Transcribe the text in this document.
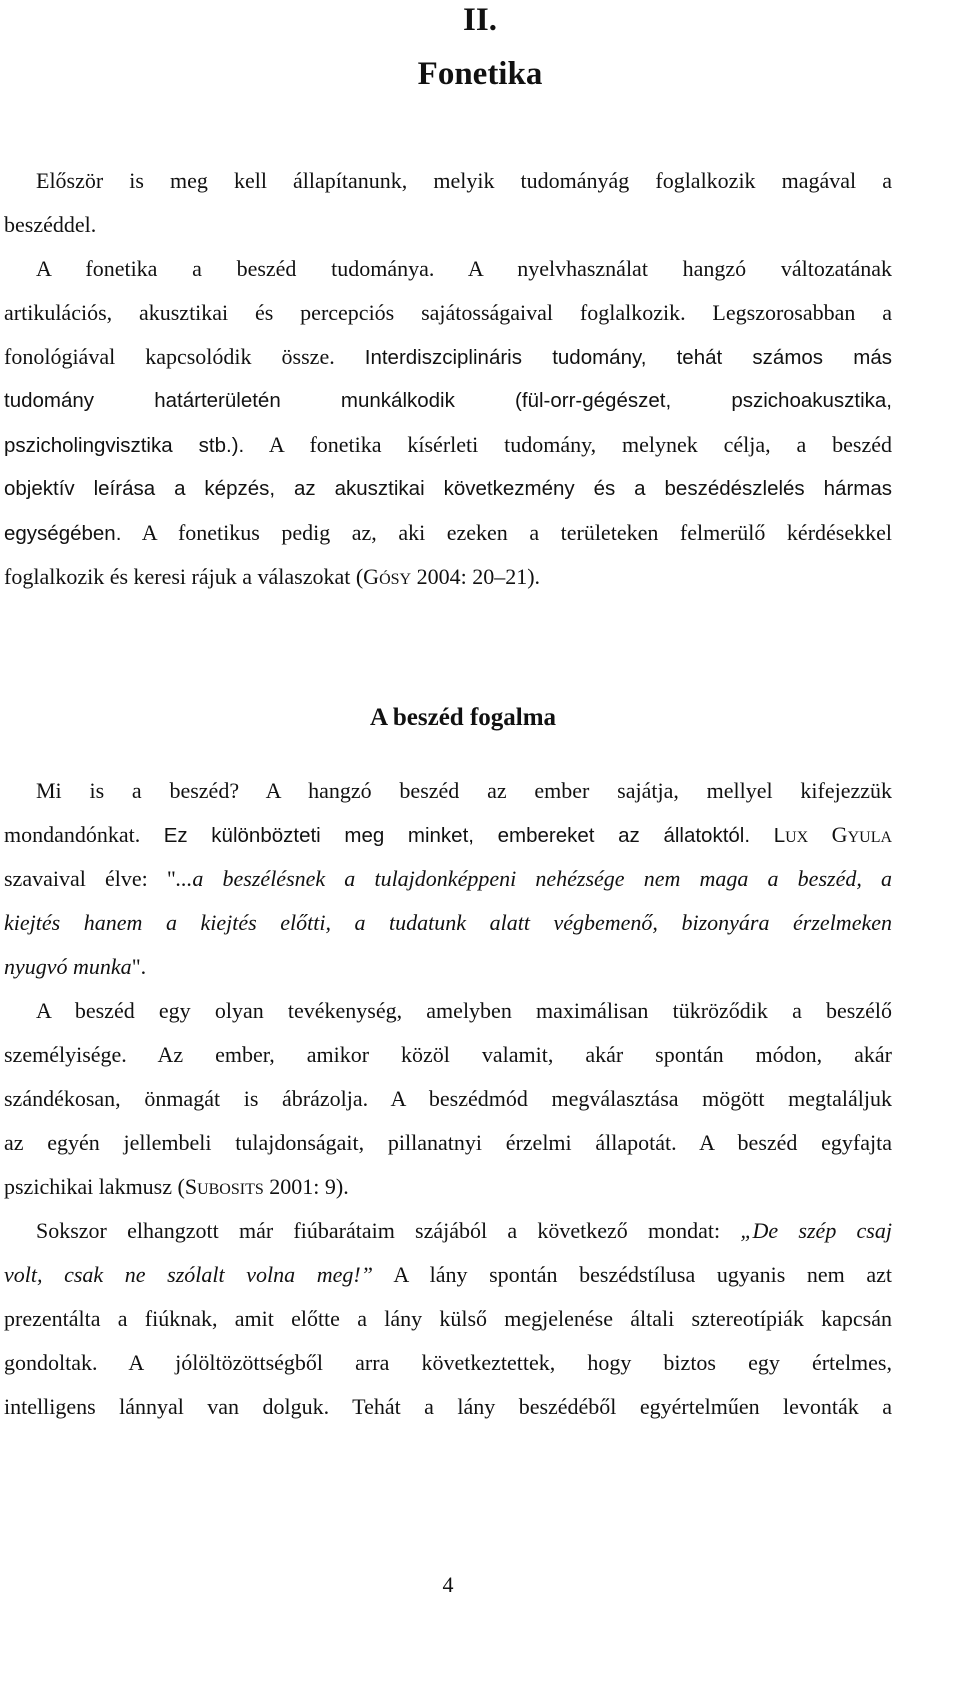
II.
Fonetika
Először is meg kell állapítanunk, melyik tudományág foglalkozik magával a
beszéddel.
A fonetika a beszéd tudománya. A nyelvhasználat hangzó változatának
artikulációs, akusztikai és percepciós sajátosságaival foglalkozik. Legszorosabban a
fonológiával kapcsolódik össze. Interdiszciplináris tudomány, tehát számos más
tudomány határterületén munkálkodik (fül-orr-gégészet, pszichoakusztika,
pszicholingvisztika stb.). A fonetika kísérleti tudomány, melynek célja, a beszéd
objektív leírása a képzés, az akusztikai következmény és a beszédészlelés hármas
egységében. A fonetikus pedig az, aki ezeken a területeken felmerülő kérdésekkel
foglalkozik és keresi rájuk a válaszokat (GÓSY 2004: 20–21).
A beszéd fogalma
Mi is a beszéd? A hangzó beszéd az ember sajátja, mellyel kifejezzük
mondandónkat. Ez különbözteti meg minket, embereket az állatoktól. LUX GYULA
szavaival élve: "...a beszélésnek a tulajdonképpeni nehézsége nem maga a beszéd, a
kiejtés hanem a kiejtés előtti, a tudatunk alatt végbemenő, bizonyára érzelmeken
nyugvó munka".
A beszéd egy olyan tevékenység, amelyben maximálisan tükröződik a beszélő
személyisége. Az ember, amikor közöl valamit, akár spontán módon, akár
szándékosan, önmagát is ábrázolja. A beszédmód megválasztása mögött megtaláljuk
az egyén jellembeli tulajdonságait, pillanatnyi érzelmi állapotát. A beszéd egyfajta
pszichikai lakmusz (SUBOSITS 2001: 9).
Sokszor elhangzott már fiúbarátaim szájából a következő mondat: „De szép csaj
volt, csak ne szólalt volna meg!” A lány spontán beszédstílusa ugyanis nem azt
prezentálta a fiúknak, amit előtte a lány külső megjelenése általi sztereotípiák kapcsán
gondoltak. A jólöltözöttségből arra következtettek, hogy biztos egy értelmes,
intelligens lánnyal van dolguk. Tehát a lány beszédéből egyértelműen levonták a
4
